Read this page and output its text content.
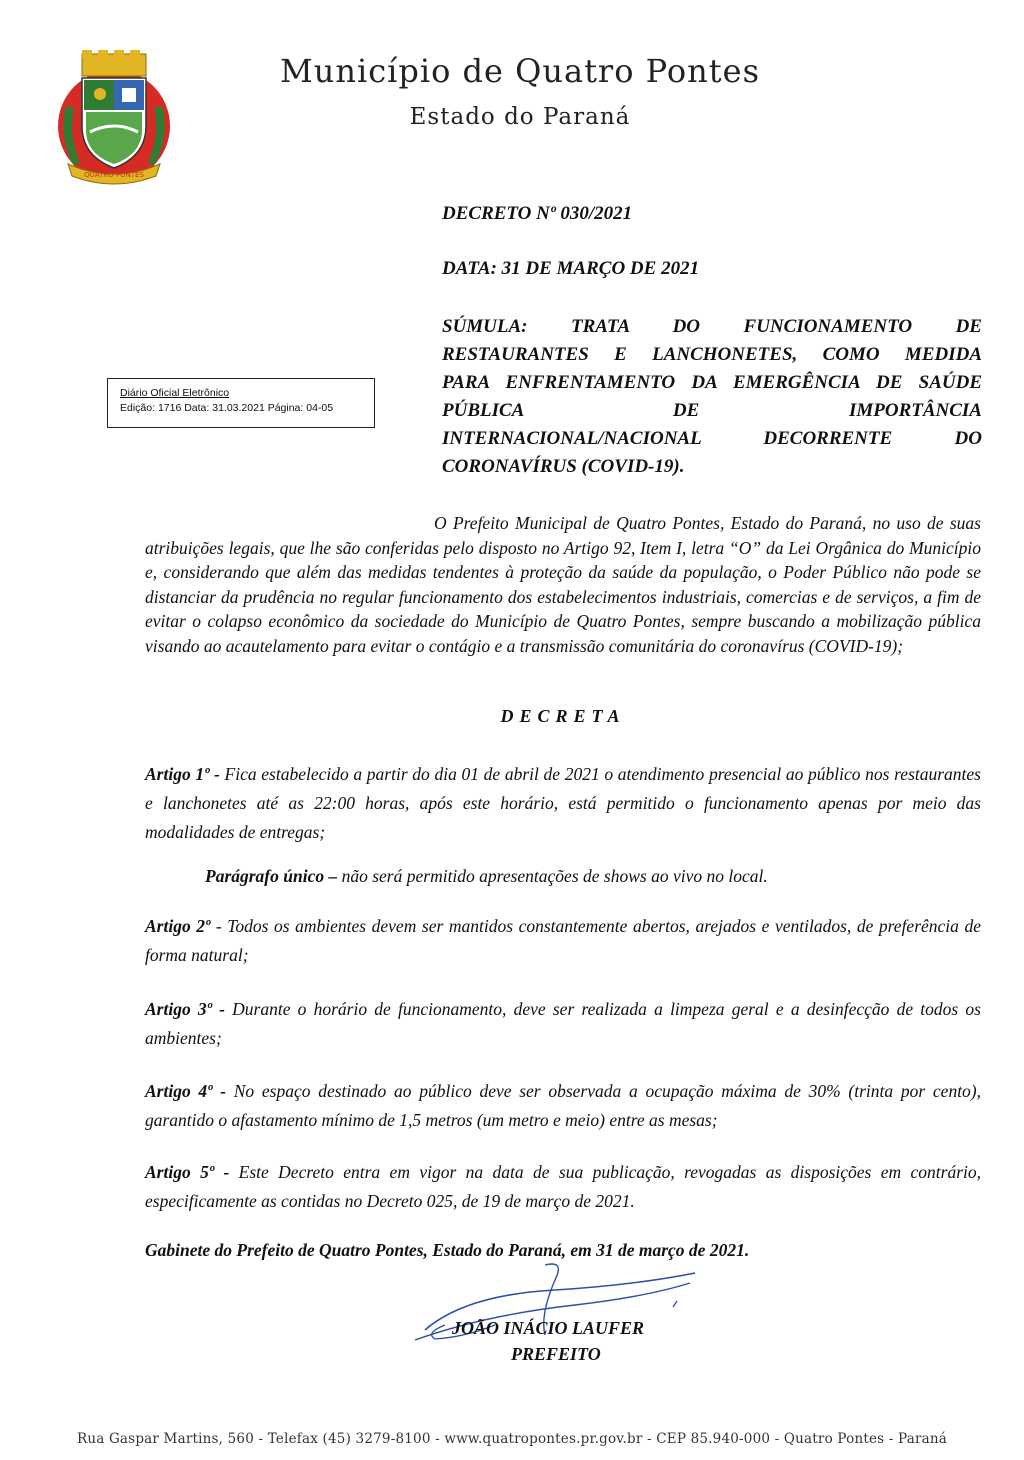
QUATRO PONTES
Município de Quatro Pontes
Estado do Paraná
DECRETO Nº 030/2021
DATA: 31 DE MARÇO DE 2021
SÚMULA: TRATA DO FUNCIONAMENTO DE
RESTAURANTES E LANCHONETES, COMO MEDIDA
PARA ENFRENTAMENTO DA EMERGÊNCIA DE SAÚDE
PÚBLICA DE IMPORTÂNCIA
INTERNACIONAL/NACIONAL DECORRENTE DO
CORONAVÍRUS (COVID-19).
Diário Oficial Eletrônico
Edição: 1716 Data: 31.03.2021 Página: 04-05
O Prefeito Municipal de Quatro Pontes, Estado do Paraná, no uso de suas atribuições legais, que lhe são conferidas pelo disposto no Artigo 92, Item I, letra “O” da Lei Orgânica do Município e, considerando que além das medidas tendentes à proteção da saúde da população, o Poder Público não pode se distanciar da prudência no regular funcionamento dos estabelecimentos industriais, comercias e de serviços, a fim de evitar o colapso econômico da sociedade do Município de Quatro Pontes, sempre buscando a mobilização pública visando ao acautelamento para evitar o contágio e a transmissão comunitária do coronavírus (COVID-19);
DECRETA
Artigo 1º - Fica estabelecido a partir do dia 01 de abril de 2021 o atendimento presencial ao público nos restaurantes e lanchonetes até as 22:00 horas, após este horário, está permitido o funcionamento apenas por meio das modalidades de entregas;
Parágrafo único – não será permitido apresentações de shows ao vivo no local.
Artigo 2º - Todos os ambientes devem ser mantidos constantemente abertos, arejados e ventilados, de preferência de forma natural;
Artigo 3º - Durante o horário de funcionamento, deve ser realizada a limpeza geral e a desinfecção de todos os ambientes;
Artigo 4º - No espaço destinado ao público deve ser observada a ocupação máxima de 30% (trinta por cento), garantido o afastamento mínimo de 1,5 metros (um metro e meio) entre as mesas;
Artigo 5º - Este Decreto entra em vigor na data de sua publicação, revogadas as disposições em contrário, especificamente as contidas no Decreto 025, de 19 de março de 2021.
Gabinete do Prefeito de Quatro Pontes, Estado do Paraná, em 31 de março de 2021.
JOÃO INÁCIO LAUFER
PREFEITO
Rua Gaspar Martins, 560 - Telefax (45) 3279-8100 - www.quatropontes.pr.gov.br - CEP 85.940-000 - Quatro Pontes - Paraná
